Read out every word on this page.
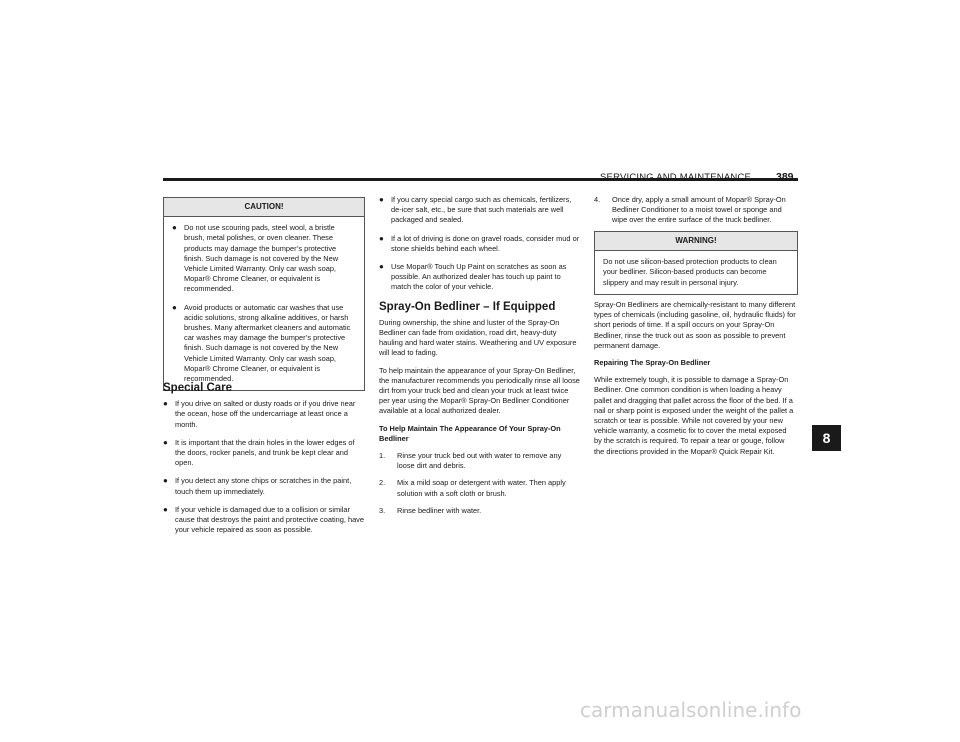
SERVICING AND MAINTENANCE 389
CAUTION!
● Do not use scouring pads, steel wool, a bristle brush, metal polishes, or oven cleaner. These products may damage the bumper’s protective finish. Such damage is not covered by the New Vehicle Limited Warranty. Only car wash soap, Mopar® Chrome Cleaner, or equivalent is recommended.
● Avoid products or automatic car washes that use acidic solutions, strong alkaline additives, or harsh brushes. Many aftermarket cleaners and automatic car washes may damage the bumper’s protective finish. Such damage is not covered by the New Vehicle Limited Warranty. Only car wash soap, Mopar® Chrome Cleaner, or equivalent is recommended.
Special Care
● If you drive on salted or dusty roads or if you drive near the ocean, hose off the undercarriage at least once a month.
● It is important that the drain holes in the lower edges of the doors, rocker panels, and trunk be kept clear and open.
● If you detect any stone chips or scratches in the paint, touch them up immediately.
● If your vehicle is damaged due to a collision or similar cause that destroys the paint and protective coating, have your vehicle repaired as soon as possible.
● If you carry special cargo such as chemicals, fertilizers, de-icer salt, etc., be sure that such materials are well packaged and sealed.
● If a lot of driving is done on gravel roads, consider mud or stone shields behind each wheel.
● Use Mopar® Touch Up Paint on scratches as soon as possible. An authorized dealer has touch up paint to match the color of your vehicle.
Spray-On Bedliner – If Equipped

During ownership, the shine and luster of the Spray-On Bedliner can fade from oxidation, road dirt, heavy-duty hauling and hard water stains. Weathering and UV exposure will lead to fading.

To help maintain the appearance of your Spray-On Bedliner, the manufacturer recommends you periodically rinse all loose dirt from your truck bed and clean your truck at least twice per year using the Mopar® Spray-On Bedliner Conditioner available at a local authorized dealer.

To Help Maintain The Appearance Of Your Spray-On Bedliner

1. Rinse your truck bed out with water to remove any loose dirt and debris.
2. Mix a mild soap or detergent with water. Then apply solution with a soft cloth or brush.
3. Rinse bedliner with water.
4. Once dry, apply a small amount of Mopar® Spray-On Bedliner Conditioner to a moist towel or sponge and wipe over the entire surface of the truck bedliner.
WARNING!
Do not use silicon-based protection products to clean your bedliner. Silicon-based products can become slippery and may result in personal injury.

Spray-On Bedliners are chemically-resistant to many different types of chemicals (including gasoline, oil, hydraulic fluids) for short periods of time. If a spill occurs on your Spray-On Bedliner, rinse the truck out as soon as possible to prevent permanent damage.

Repairing The Spray-On Bedliner

While extremely tough, it is possible to damage a Spray-On Bedliner. One common condition is when loading a heavy pallet and dragging that pallet across the floor of the bed. If a nail or sharp point is exposed under the weight of the pallet a scratch or tear is possible. While not covered by your new vehicle warranty, a cosmetic fix to cover the metal exposed by the scratch is required. To repair a tear or gouge, follow the directions provided in the Mopar® Quick Repair Kit.

8
carmanualsonline.info
